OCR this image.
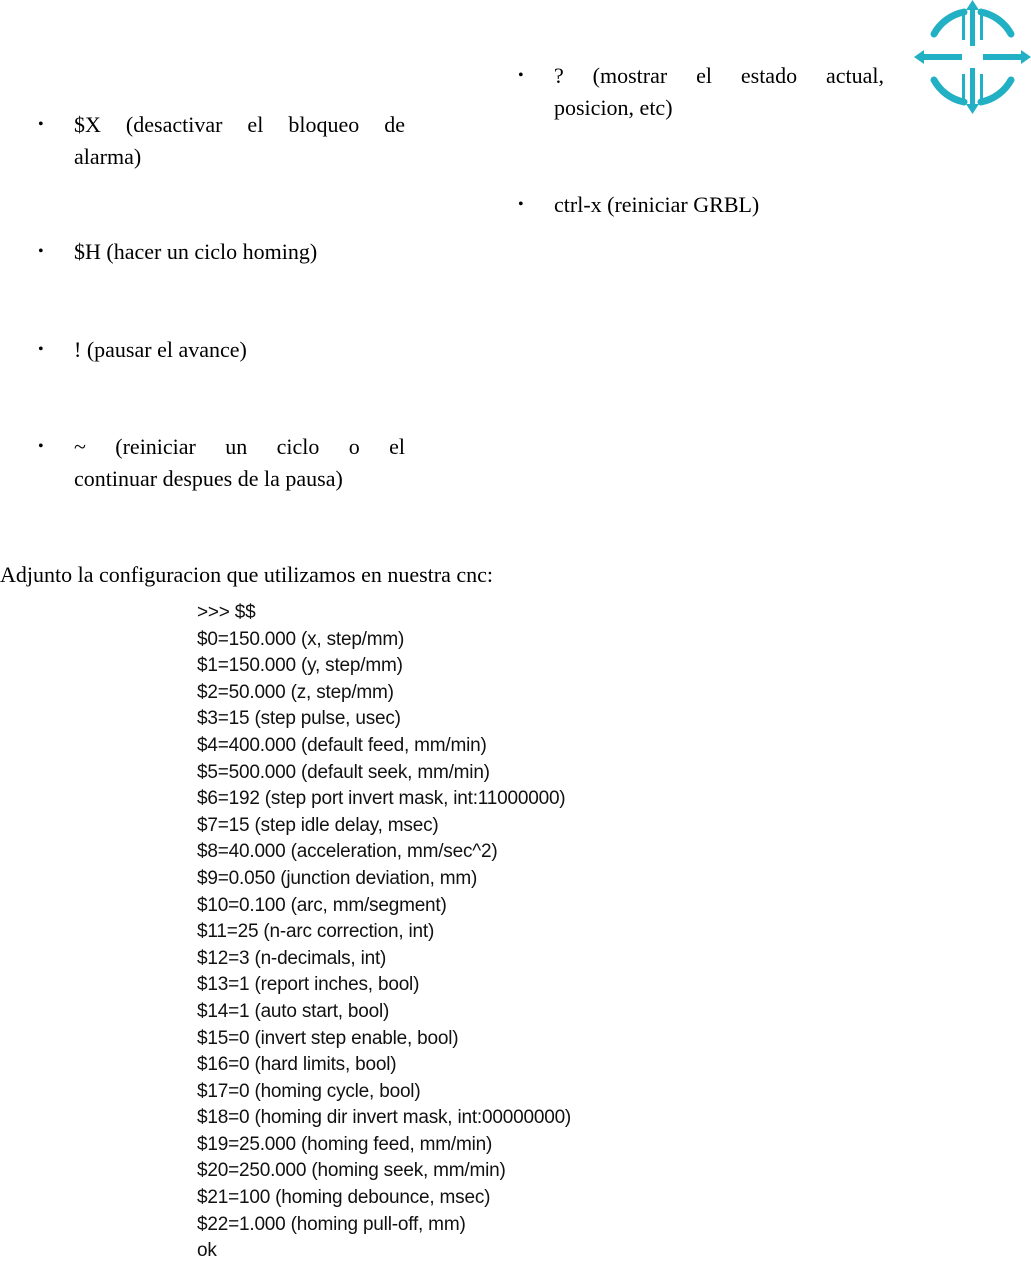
•	$X (desactivar el bloqueo de
alarma)
•	$H (hacer un ciclo homing)
•	! (pausar el avance)
•	~ (reiniciar un ciclo o el
continuar despues de la pausa)
•	? (mostrar el estado actual,
posicion, etc)
•	ctrl-x (reiniciar GRBL)
Adjunto la configuracion que utilizamos en nuestra cnc:
>>> $$
$0=150.000 (x, step/mm)
$1=150.000 (y, step/mm)
$2=50.000 (z, step/mm)
$3=15 (step pulse, usec)
$4=400.000 (default feed, mm/min)
$5=500.000 (default seek, mm/min)
$6=192 (step port invert mask, int:11000000)
$7=15 (step idle delay, msec)
$8=40.000 (acceleration, mm/sec^2)
$9=0.050 (junction deviation, mm)
$10=0.100 (arc, mm/segment)
$11=25 (n-arc correction, int)
$12=3 (n-decimals, int)
$13=1 (report inches, bool)
$14=1 (auto start, bool)
$15=0 (invert step enable, bool)
$16=0 (hard limits, bool)
$17=0 (homing cycle, bool)
$18=0 (homing dir invert mask, int:00000000)
$19=25.000 (homing feed, mm/min)
$20=250.000 (homing seek, mm/min)
$21=100 (homing debounce, msec)
$22=1.000 (homing pull-off, mm)
ok
